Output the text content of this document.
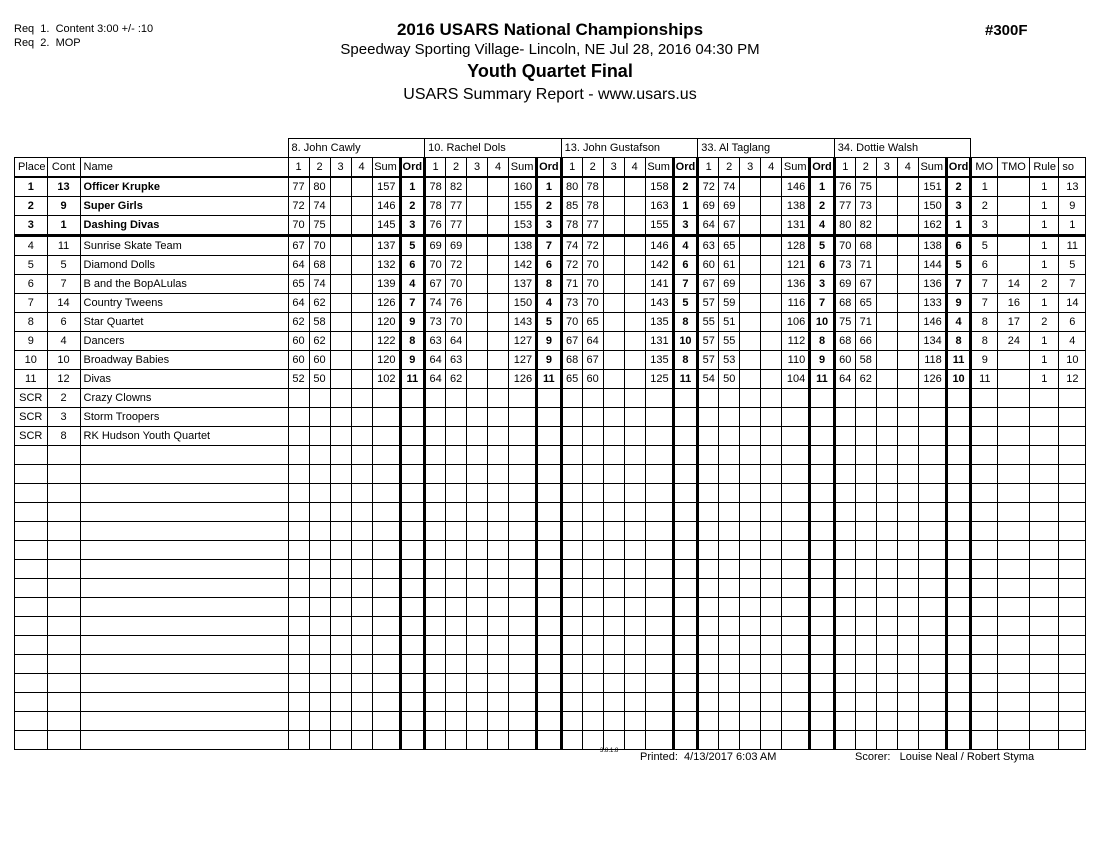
Req  1.  Content 3:00 +/- :10
Req  2.  MOP
2016 USARS National Championships
Speedway Sporting Village- Lincoln, NE Jul 28, 2016 04:30 PM
Youth Quartet Final
USARS Summary Report - www.usars.us
#300F
			8. John Cawly						10. Rachel Dols						13. John Gustafson						33. Al Taglang						34. Dottie Walsh									
Place	Cont	Name	1	2	3	4	Sum	Ord	1	2	3	4	Sum	Ord	1	2	3	4	Sum	Ord	1	2	3	4	Sum	Ord	1	2	3	4	Sum	Ord	MO	TMO	Rule	so
1	13	Officer Krupke	77	80			157	1	78	82			160	1	80	78			158	2	72	74			146	1	76	75			151	2	1		1	13
2	9	Super Girls	72	74			146	2	78	77			155	2	85	78			163	1	69	69			138	2	77	73			150	3	2		1	9
3	1	Dashing Divas	70	75			145	3	76	77			153	3	78	77			155	3	64	67			131	4	80	82			162	1	3		1	1
4	11	Sunrise Skate Team	67	70			137	5	69	69			138	7	74	72			146	4	63	65			128	5	70	68			138	6	5		1	11
5	5	Diamond Dolls	64	68			132	6	70	72			142	6	72	70			142	6	60	61			121	6	73	71			144	5	6		1	5
6	7	B and the BopALulas	65	74			139	4	67	70			137	8	71	70			141	7	67	69			136	3	69	67			136	7	7	14	2	7
7	14	Country Tweens	64	62			126	7	74	76			150	4	73	70			143	5	57	59			116	7	68	65			133	9	7	16	1	14
8	6	Star Quartet	62	58			120	9	73	70			143	5	70	65			135	8	55	51			106	10	75	71			146	4	8	17	2	6
9	4	Dancers	60	62			122	8	63	64			127	9	67	64			131	10	57	55			112	8	68	66			134	8	8	24	1	4
10	10	Broadway Babies	60	60			120	9	64	63			127	9	68	67			135	8	57	53			110	9	60	58			118	11	9		1	10
11	12	Divas	52	50			102	11	64	62			126	11	65	60			125	11	54	50			104	11	64	62			126	10	11		1	12
SCR	2	Crazy Clowns																																		
SCR	3	Storm Troopers																																		
SCR	8	RK Hudson Youth Quartet																																		

3.8.1.8 Printed: 4/13/2017 6:03 AM	Scorer: Louise Neal / Robert Styma
